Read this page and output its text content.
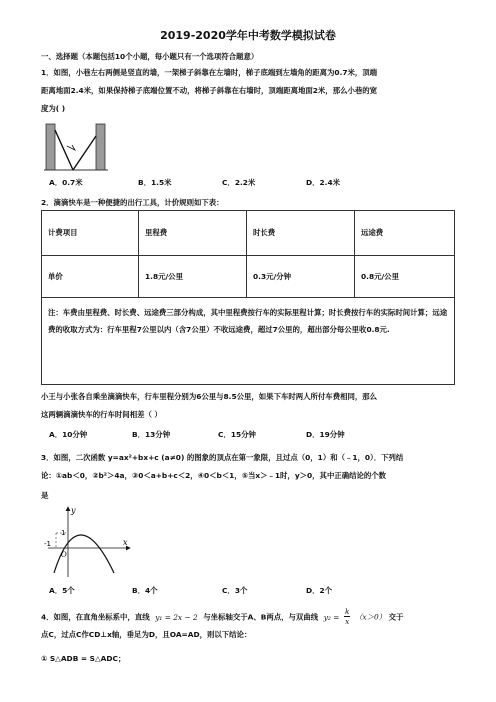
2019-2020学年中考数学模拟试卷
一、选择题（本题包括10个小题，每小题只有一个选项符合题意）
1．如图，小巷左右两侧是竖直的墙，一架梯子斜靠在左墙时，梯子底端到左墙角的距离为0.7米，顶端
距离地面2.4米，如果保持梯子底端位置不动，将梯子斜靠在右墙时，顶端距离地面2米，那么小巷的宽
度为( )
A．0.7米	B．1.5米	C．2.2米	D．2.4米
2．滴滴快车是一种便捷的出行工具，计价规则如下表：
计费项目	里程费	时长费	远途费
单价	1.8元/公里	0.3元/分钟	0.8元/公里
注：车费由里程费、时长费、远途费三部分构成，其中里程费按行车的实际里程计算；时长费按行车的实际时间计算；远途费的收取方式为：行车里程7公里以内（含7公里）不收远途费，超过7公里的，超出部分每公里收0.8元.
小王与小张各自乘坐滴滴快车，行车里程分别为6公里与8.5公里，如果下车时两人所付车费相同，那么
这两辆滴滴快车的行车时间相差（ ）
A．10分钟	B．13分钟	C．15分钟	D．19分钟
3．如图，二次函数 y=ax²+bx+c (a≠0) 的图象的顶点在第一象限，且过点（0，1）和（﹣1，0）．下列结
论：①ab＜0，②b²＞4a，③0＜a+b+c＜2，④0＜b＜1，⑤当x＞﹣1时，y＞0，其中正确结论的个数
是
y
x
1
-1
O
A．5个	B．4个	C．3个	D．2个
4．如图，在直角坐标系中，直线 y₁ = 2x − 2 与坐标轴交于A、B两点，与双曲线 $y_2 = \frac{k}{x} (x>0)$ 交于
点C，过点C作CD⊥x轴，垂足为D，且OA=AD，则以下结论：
① S△ADB = S△ADC；
